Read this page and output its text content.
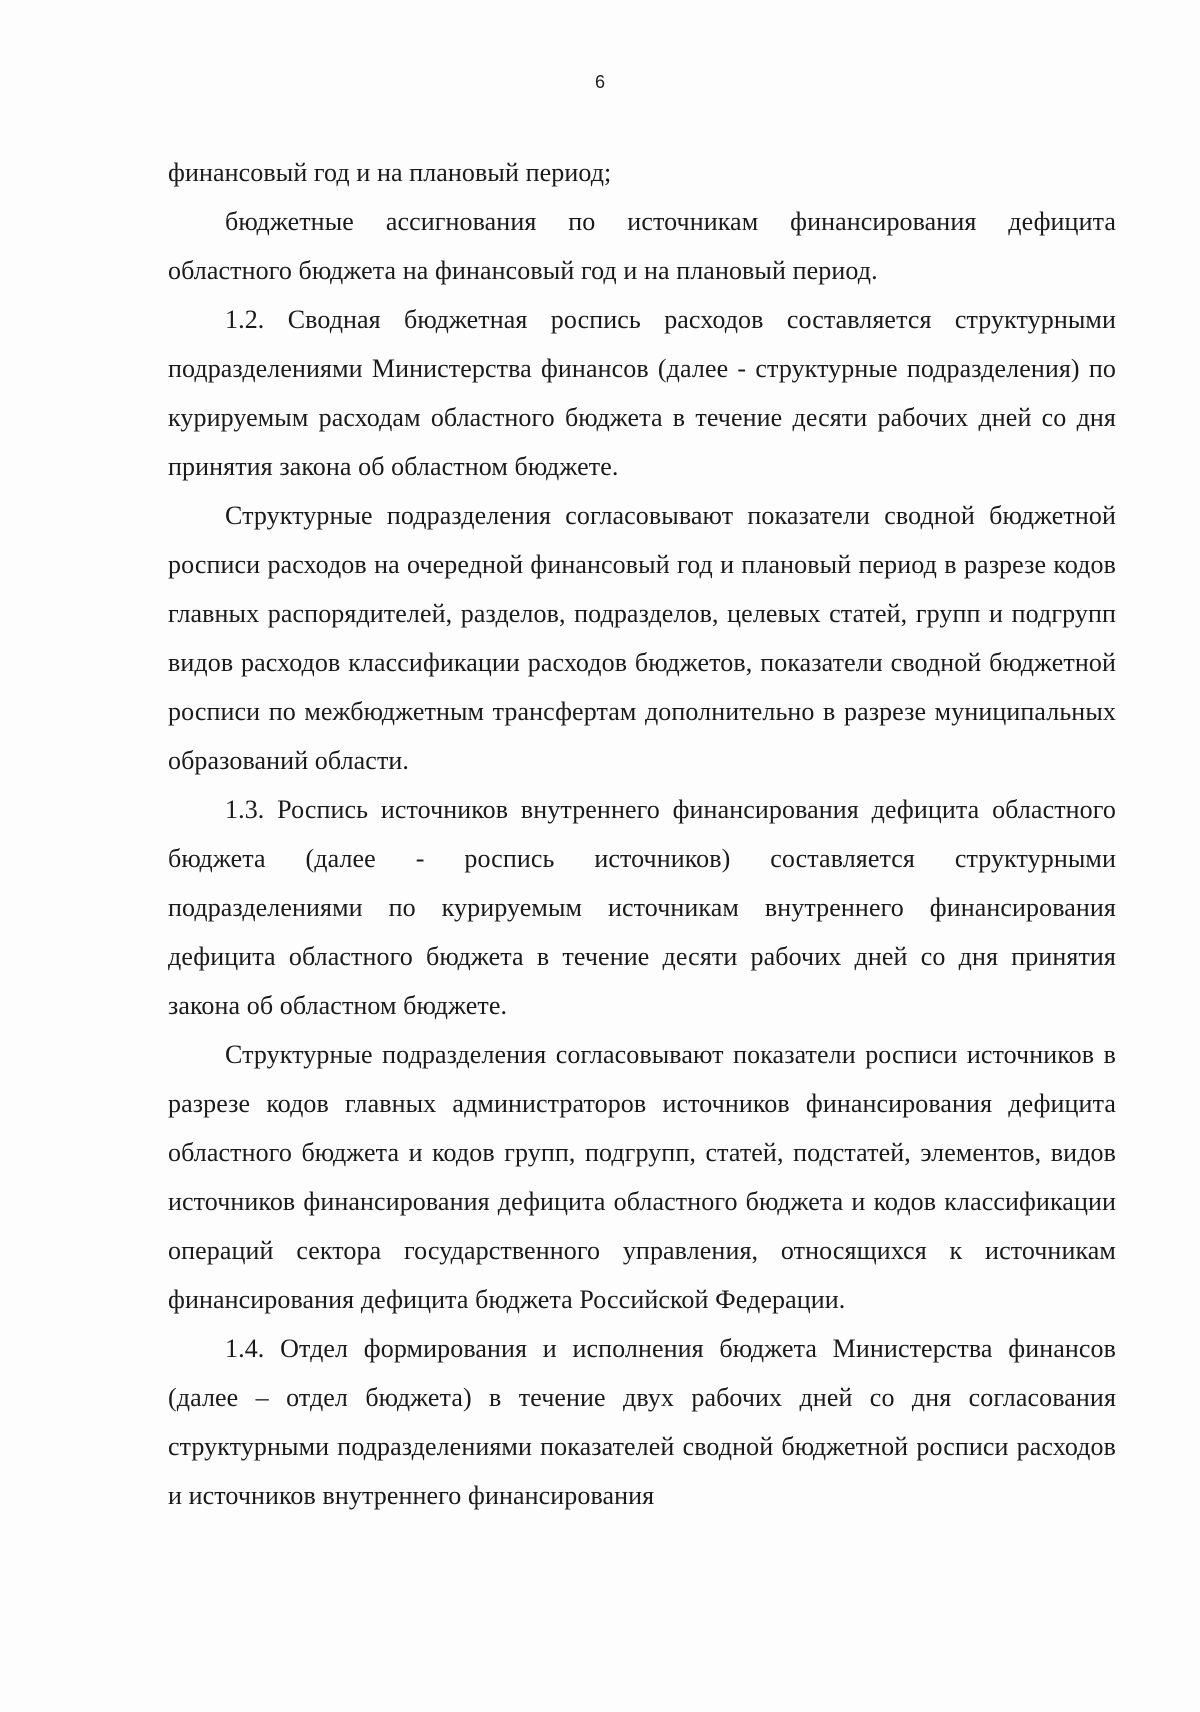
6

финансовый год и на плановый период;

бюджетные ассигнования по источникам финансирования дефицита областного бюджета на финансовый год и на плановый период.

1.2. Сводная бюджетная роспись расходов составляется структурными подразделениями Министерства финансов (далее - структурные подразделения) по курируемым расходам областного бюджета в течение десяти рабочих дней со дня принятия закона об областном бюджете.

Структурные подразделения согласовывают показатели сводной бюджетной росписи расходов на очередной финансовый год и плановый период в разрезе кодов главных распорядителей, разделов, подразделов, целевых статей, групп и подгрупп видов расходов классификации расходов бюджетов, показатели сводной бюджетной росписи по межбюджетным трансфертам дополнительно в разрезе муниципальных образований области.

1.3. Роспись источников внутреннего финансирования дефицита областного бюджета (далее - роспись источников) составляется структурными подразделениями по курируемым источникам внутреннего финансирования дефицита областного бюджета в течение десяти рабочих дней со дня принятия закона об областном бюджете.

Структурные подразделения согласовывают показатели росписи источников в разрезе кодов главных администраторов источников финансирования дефицита областного бюджета и кодов групп, подгрупп, статей, подстатей, элементов, видов источников финансирования дефицита областного бюджета и кодов классификации операций сектора государственного управления, относящихся к источникам финансирования дефицита бюджета Российской Федерации.

1.4. Отдел формирования и исполнения бюджета Министерства финансов (далее – отдел бюджета) в течение двух рабочих дней со дня согласования структурными подразделениями показателей сводной бюджетной росписи расходов и источников внутреннего финансирования
